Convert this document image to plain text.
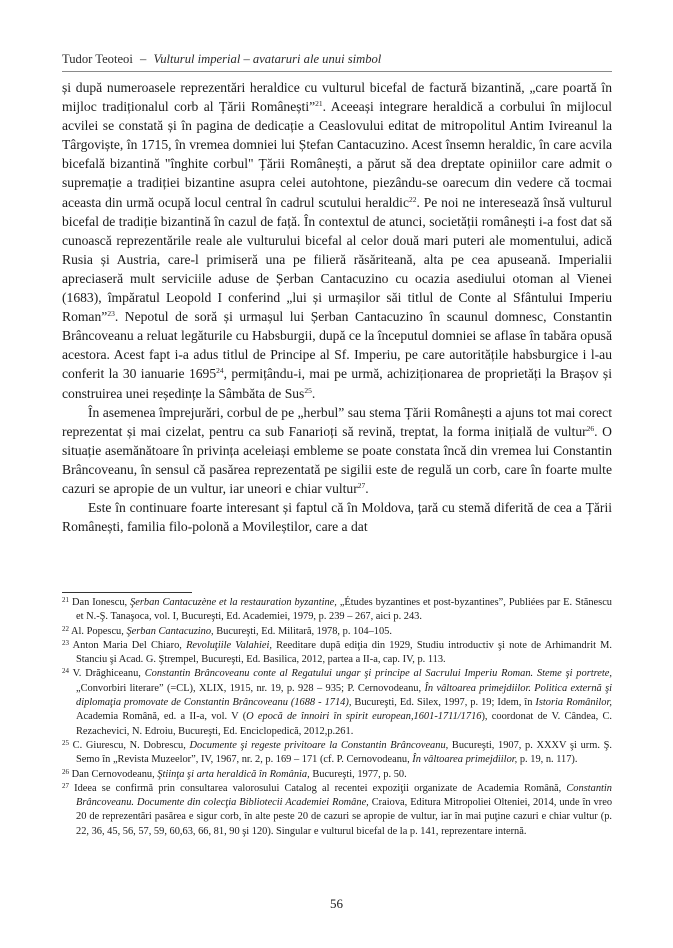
Tudor Teoteoi – Vulturul imperial – avataruri ale unui simbol

și după numeroasele reprezentări heraldice cu vulturul bicefal de factură bizantină, „care poartă în mijloc tradiționalul corb al Țării Românești”$^{21}$. Aceeași integrare heraldică a corbului în mijlocul acvilei se constată și în pagina de dedicație a Ceaslovului editat de mitropolitul Antim Ivireanul la Târgoviște, în 1715, în vremea domniei lui Ștefan Cantacuzino. Acest însemn heraldic, în care acvila bicefală bizantină "înghite corbul" Țării Românești, a părut să dea dreptate opiniilor care admit o supremație a tradiției bizantine asupra celei autohtone, piezându-se oarecum din vedere că tocmai aceasta din urmă ocupă locul central în cadrul scutului heraldic$^{22}$. Pe noi ne interesează însă vulturul bicefal de tradiție bizantină în cazul de față. În contextul de atunci, societății românești i-a fost dat să cunoască reprezentările reale ale vulturului bicefal al celor două mari puteri ale momentului, adică Rusia și Austria, care-l primiseră una pe filieră răsăriteană, alta pe cea apuseană. Imperialii apreciaseră mult serviciile aduse de Șerban Cantacuzino cu ocazia asediului otoman al Vienei (1683), împăratul Leopold I conferind „lui și urmașilor săi titlul de Conte al Sfântului Imperiu Roman”$^{23}$. Nepotul de soră și urmașul lui Șerban Cantacuzino în scaunul domnesc, Constantin Brâncoveanu a reluat legăturile cu Habsburgii, după ce la începutul domniei se aflase în tabăra opusă acestora. Acest fapt i-a adus titlul de Principe al Sf. Imperiu, pe care autoritățile habsburgice i l-au conferit la 30 ianuarie 1695$^{24}$, permițându-i, mai pe urmă, achiziționarea de proprietăți la Brașov și construirea unei reședințe la Sâmbăta de Sus$^{25}$.

În asemenea împrejurări, corbul de pe „herbul” sau stema Țării Românești a ajuns tot mai corect reprezentat și mai cizelat, pentru ca sub Fanarioți să revină, treptat, la forma inițială de vultur$^{26}$. O situație asemănătoare în privința aceleiași embleme se poate constata încă din vremea lui Constantin Brâncoveanu, în sensul că pasărea reprezentată pe sigilii este de regulă un corb, care în foarte multe cazuri se apropie de un vultur, iar uneori e chiar vultur$^{27}$.

Este în continuare foarte interesant și faptul că în Moldova, țară cu stemă diferită de cea a Țării Românești, familia filo-polonă a Movileștilor, care a dat

$^{21}$ Dan Ionescu, Şerban Cantacuzène et la restauration byzantine, „Études byzantines et post-byzantines”, Publiées par E. Stănescu et N.-Ş. Tanaşoca, vol. I, Bucureşti, Ed. Academiei, 1979, p. 239 – 267, aici p. 243.

$^{22}$ Al. Popescu, Şerban Cantacuzino, Bucureşti, Ed. Militară, 1978, p. 104–105.

$^{23}$ Anton Maria Del Chiaro, Revoluţiile Valahiei, Reeditare după ediţia din 1929, Studiu introductiv şi note de Arhimandrit M. Stanciu şi Acad. G. Ştrempel, Bucureşti, Ed. Basilica, 2012, partea a II-a, cap. IV, p. 113.

$^{24}$ V. Drăghiceanu, Constantin Brâncoveanu conte al Regatului ungar şi principe al Sacrului Imperiu Roman. Steme şi portrete, „Convorbiri literare” (=CL), XLIX, 1915, nr. 19, p. 928 – 935; P. Cernovodeanu, În vâltoarea primejdiilor. Politica externă şi diplomaţia promovate de Constantin Brâncoveanu (1688 - 1714), Bucureşti, Ed. Silex, 1997, p. 19; Idem, în Istoria Românilor, Academia Română, ed. a II-a, vol. V (O epocă de înnoiri în spirit european,1601-1711/1716), coordonat de V. Cândea, C. Rezachevici, N. Edroiu, Bucureşti, Ed. Enciclopedică, 2012,p.261.

$^{25}$ C. Giurescu, N. Dobrescu, Documente şi regeste privitoare la Constantin Brâncoveanu, Bucureşti, 1907, p. XXXV şi urm. Ş. Semo în „Revista Muzeelor”, IV, 1967, nr. 2, p. 169 – 171 (cf. P. Cernovodeanu, În vâltoarea primejdiilor, p. 19, n. 117).

$^{26}$ Dan Cernovodeanu, Ştiinţa şi arta heraldică în România, Bucureşti, 1977, p. 50.

$^{27}$ Ideea se confirmă prin consultarea valorosului Catalog al recentei expoziţii organizate de Academia Română, Constantin Brâncoveanu. Documente din colecţia Bibliotecii Academiei Române, Craiova, Editura Mitropoliei Olteniei, 2014, unde în vreo 20 de reprezentări pasărea e sigur corb, în alte peste 20 de cazuri se apropie de vultur, iar în mai puţine cazuri e chiar vultur (p. 22, 36, 45, 56, 57, 59, 60,63, 66, 81, 90 şi 120). Singular e vulturul bicefal de la p. 141, reprezentare internă.

56
